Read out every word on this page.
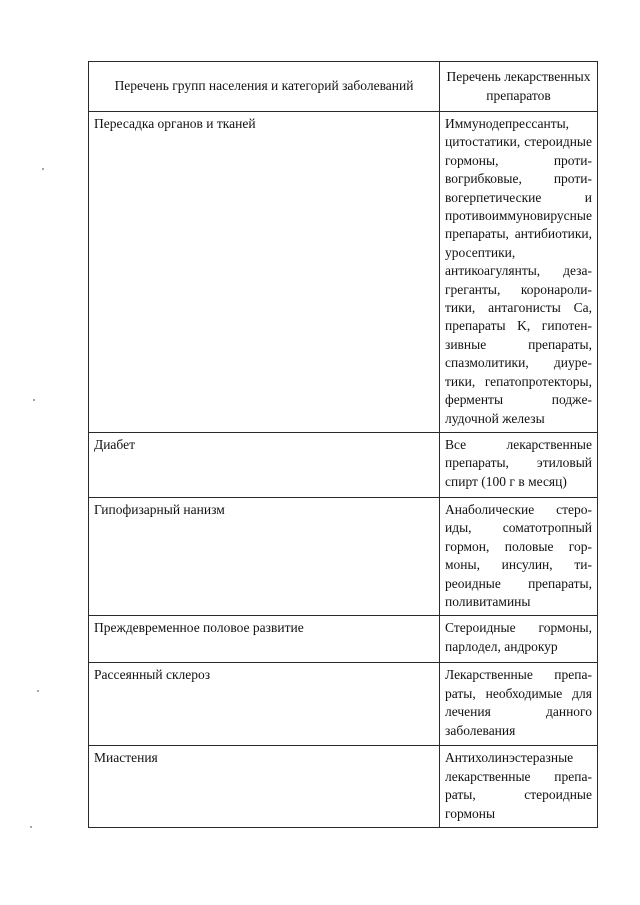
Перечень групп населения и категорий заболеваний	Перечень лекарственных препаратов
Пересадка органов и тканей	Иммунодепрессанты, цитостатики, стероидные гормоны, противогрибковые, противогерпетические и противоиммуновирусные препараты, антибиотики, уросептики, антикоагулянты, дезагреганты, коронаролитики, антагонисты Са, препараты K, гипотензивные препараты, спазмолитики, диуретики, гепатопротекторы, ферменты поджeлудочной железы
Диабет	Все лекарственные препараты, этиловый спирт (100 г в месяц)
Гипофизарный нанизм	Анаболические стероиды, соматотропный гормон, половые гормоны, инсулин, тиреоидные препараты, поливитамины
Преждевременное половое развитие	Стероидные гормоны, парлодел, андрокур
Рассеянный склероз	Лекарственные препараты, необходимые для лечения данного заболевания
Миастения	Антихолинэстеразные лекарственные препараты, стероидные гормоны
